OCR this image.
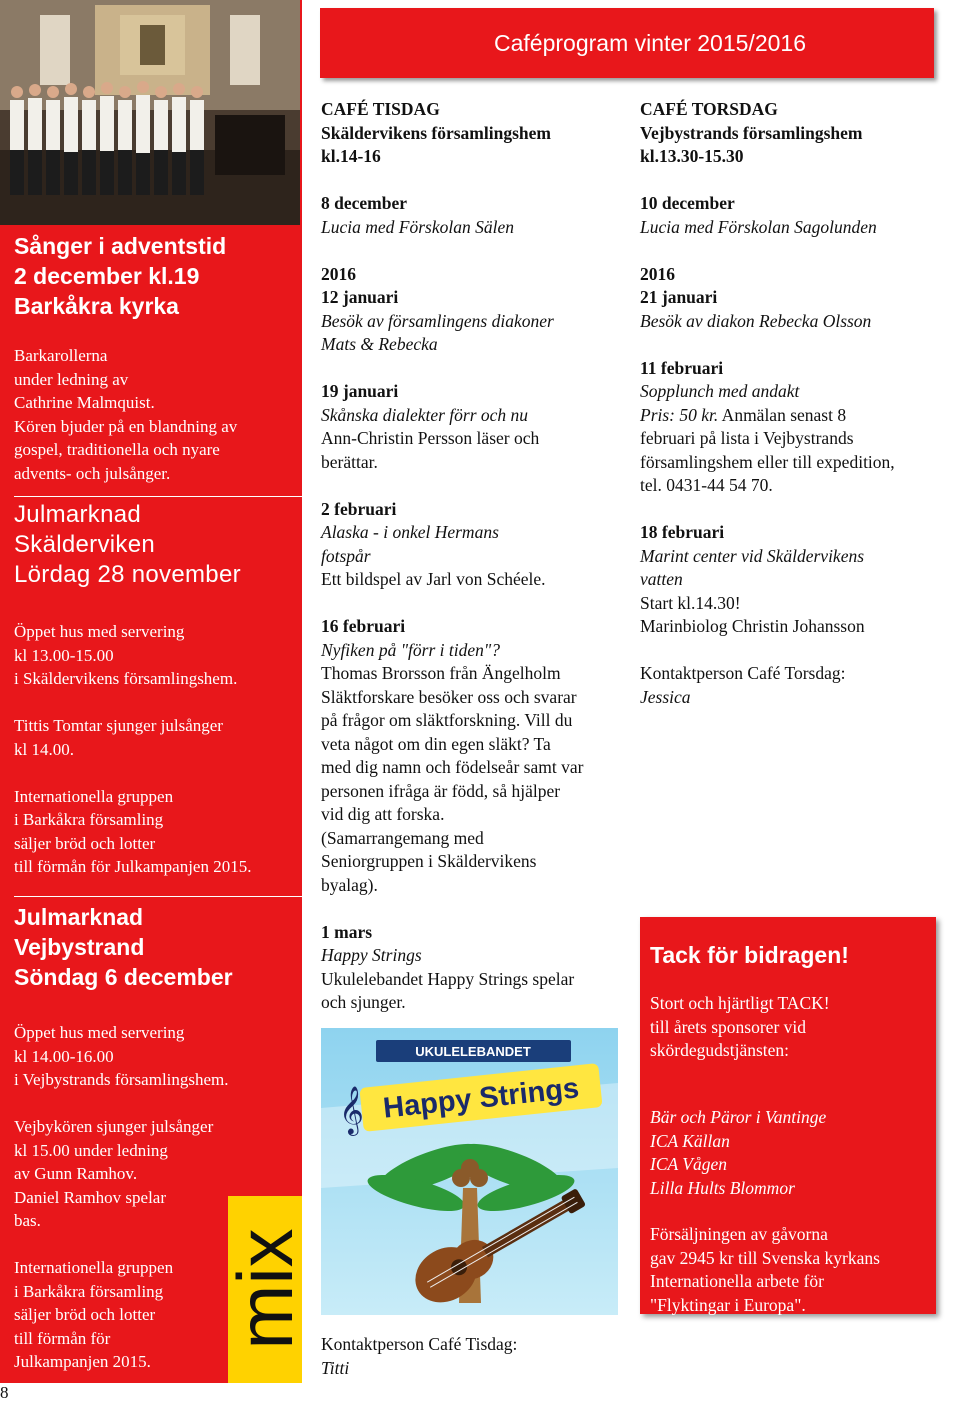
Sånger i adventstid
2 december kl.19
Barkåkra kyrka
Barkarollerna
under ledning av
Cathrine Malmquist.
Kören bjuder på en blandning av
gospel, traditionella och nyare
advents- och julsånger.
Julmarknad
Skälderviken
Lördag 28 november
Öppet hus med servering
kl 13.00-15.00
i Skäldervikens församlingshem.
Tittis Tomtar sjunger julsånger
kl 14.00.
Internationella gruppen
i Barkåkra församling
säljer bröd och lotter
till förmån för Julkampanjen 2015.
Julmarknad
Vejbystrand
Söndag 6 december
Öppet hus med servering
kl 14.00-16.00
i Vejbystrands församlingshem.
Vejbykören sjunger julsånger
kl 15.00 under ledning
av Gunn Ramhov.
Daniel Ramhov spelar
bas.
Internationella gruppen
i Barkåkra församling
säljer bröd och lotter
till förmån för
Julkampanjen 2015.
mix
8
Caféprogram vinter 2015/2016
CAFÉ TISDAG
Skäldervikens församlingshem
kl.14-16
8 december
Lucia med Förskolan Sälen
2016
12 januari
Besök av församlingens diakoner
Mats & Rebecka
19 januari
Skånska dialekter förr och nu
Ann-Christin Persson läser och
berättar.
2 februari
Alaska - i onkel Hermans
fotspår
Ett bildspel av Jarl von Schéele.
16 februari
Nyfiken på "förr i tiden"?
Thomas Brorsson från Ängelholm
Släktforskare besöker oss och svarar
på frågor om släktforskning. Vill du
veta något om din egen släkt? Ta
med dig namn och födelseår samt var
personen ifråga är född, så hjälper
vid dig att forska.
(Samarrangemang med
Seniorgruppen i Skäldervikens
byalag).
1 mars
Happy Strings
Ukulelebandet Happy Strings spelar
och sjunger.
UKULELEBANDET
Happy Strings
𝄞
Kontaktperson Café Tisdag:
Titti
CAFÉ TORSDAG
Vejbystrands församlingshem
kl.13.30-15.30
10 december
Lucia med Förskolan Sagolunden
2016
21 januari
Besök av diakon Rebecka Olsson
11 februari
Sopplunch med andakt
Pris: 50 kr. Anmälan senast 8
februari på lista i Vejbystrands
församlingshem eller till expedition,
tel. 0431-44 54 70.
18 februari
Marint center vid Skäldervikens
vatten
Start kl.14.30!
Marinbiolog Christin Johansson
Kontaktperson Café Torsdag:
Jessica
Tack för bidragen!
Stort och hjärtligt TACK!
till årets sponsorer vid
skördegudstjänsten:
Bär och Päror i Vantinge
ICA Källan
ICA Vågen
Lilla Hults Blommor
Försäljningen av gåvorna
gav 2945 kr till Svenska kyrkans
Internationella arbete för
"Flyktingar i Europa".
